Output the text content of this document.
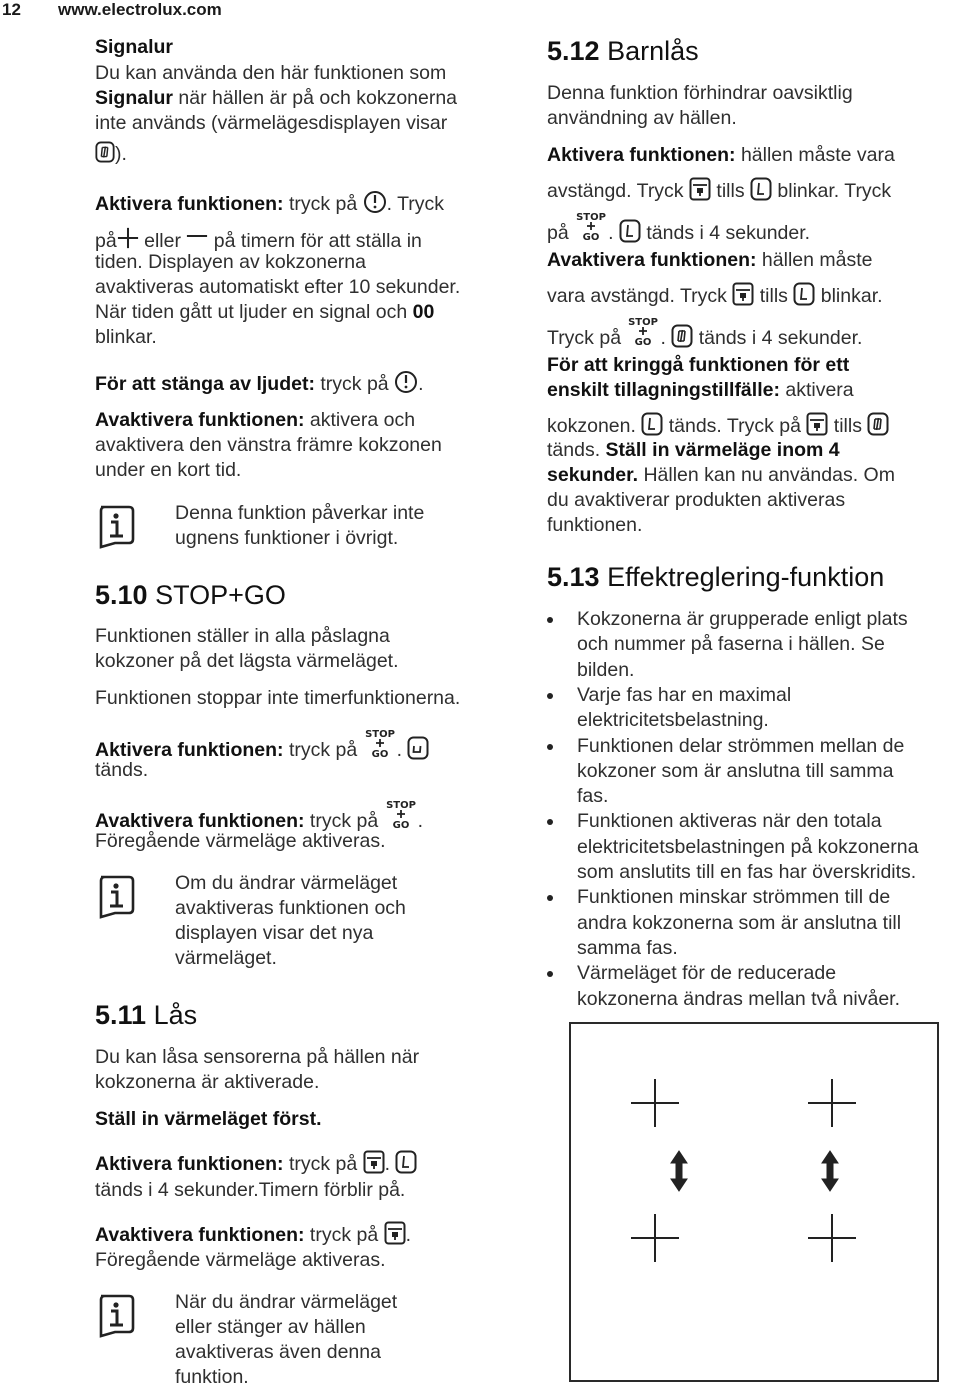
12 www.electrolux.com
Signalur
Du kan använda den här funktionen som
Signalur när hällen är på och kokzonerna
inte används (värmelägesdisplayen visar
).
Aktivera funktionen: tryck på . Tryck
på eller  på timern för att ställa in
tiden. Displayen av kokzonerna
avaktiveras automatiskt efter 10 sekunder.
När tiden gått ut ljuder en signal och 00
blinkar.
För att stänga av ljudet: tryck på .
Avaktivera funktionen: aktivera och
avaktivera den vänstra främre kokzonen
under en kort tid.
Denna funktion påverkar inte
ugnens funktioner i övrigt.
5.10 STOP+GO
Funktionen ställer in alla påslagna
kokzoner på det lägsta värmeläget.
Funktionen stoppar inte timerfunktionerna.
Aktivera funktionen: tryck på .
tänds.
Avaktivera funktionen: tryck på .
Föregående värmeläge aktiveras.
Om du ändrar värmeläget
avaktiveras funktionen och
displayen visar det nya
värmeläget.
5.11 Lås
Du kan låsa sensorerna på hällen när
kokzonerna är aktiverade.
Ställ in värmeläget först.
Aktivera funktionen: tryck på .
tänds i 4 sekunder.Timern förblir på.
Avaktivera funktionen: tryck på .
Föregående värmeläge aktiveras.
När du ändrar värmeläget
eller stänger av hällen
avaktiveras även denna
funktion.
5.12 Barnlås
Denna funktion förhindrar oavsiktlig
användning av hällen.
Aktivera funktionen: hällen måste vara
avstängd. Tryck  tills  blinkar. Tryck
på .  tänds i 4 sekunder.
Avaktivera funktionen: hällen måste
vara avstängd. Tryck  tills  blinkar.
Tryck på .  tänds i 4 sekunder.
För att kringgå funktionen för ett
enskilt tillagningstillfälle: aktivera
kokzonen.  tänds. Tryck på  tills
tänds. Ställ in värmeläge inom 4
sekunder. Hällen kan nu användas. Om
du avaktiverar produkten aktiveras
funktionen.
5.13 Effektreglering-funktion
Kokzonerna är grupperade enligt plats
och nummer på faserna i hällen. Se
bilden.
Varje fas har en maximal
elektricitetsbelastning.
Funktionen delar strömmen mellan de
kokzoner som är anslutna till samma
fas.
Funktionen aktiveras när den totala
elektricitetsbelastningen på kokzonerna
som anslutits till en fas har överskridits.
Funktionen minskar strömmen till de
andra kokzonerna som är anslutna till
samma fas.
Värmeläget för de reducerade
kokzonerna ändras mellan två nivåer.
